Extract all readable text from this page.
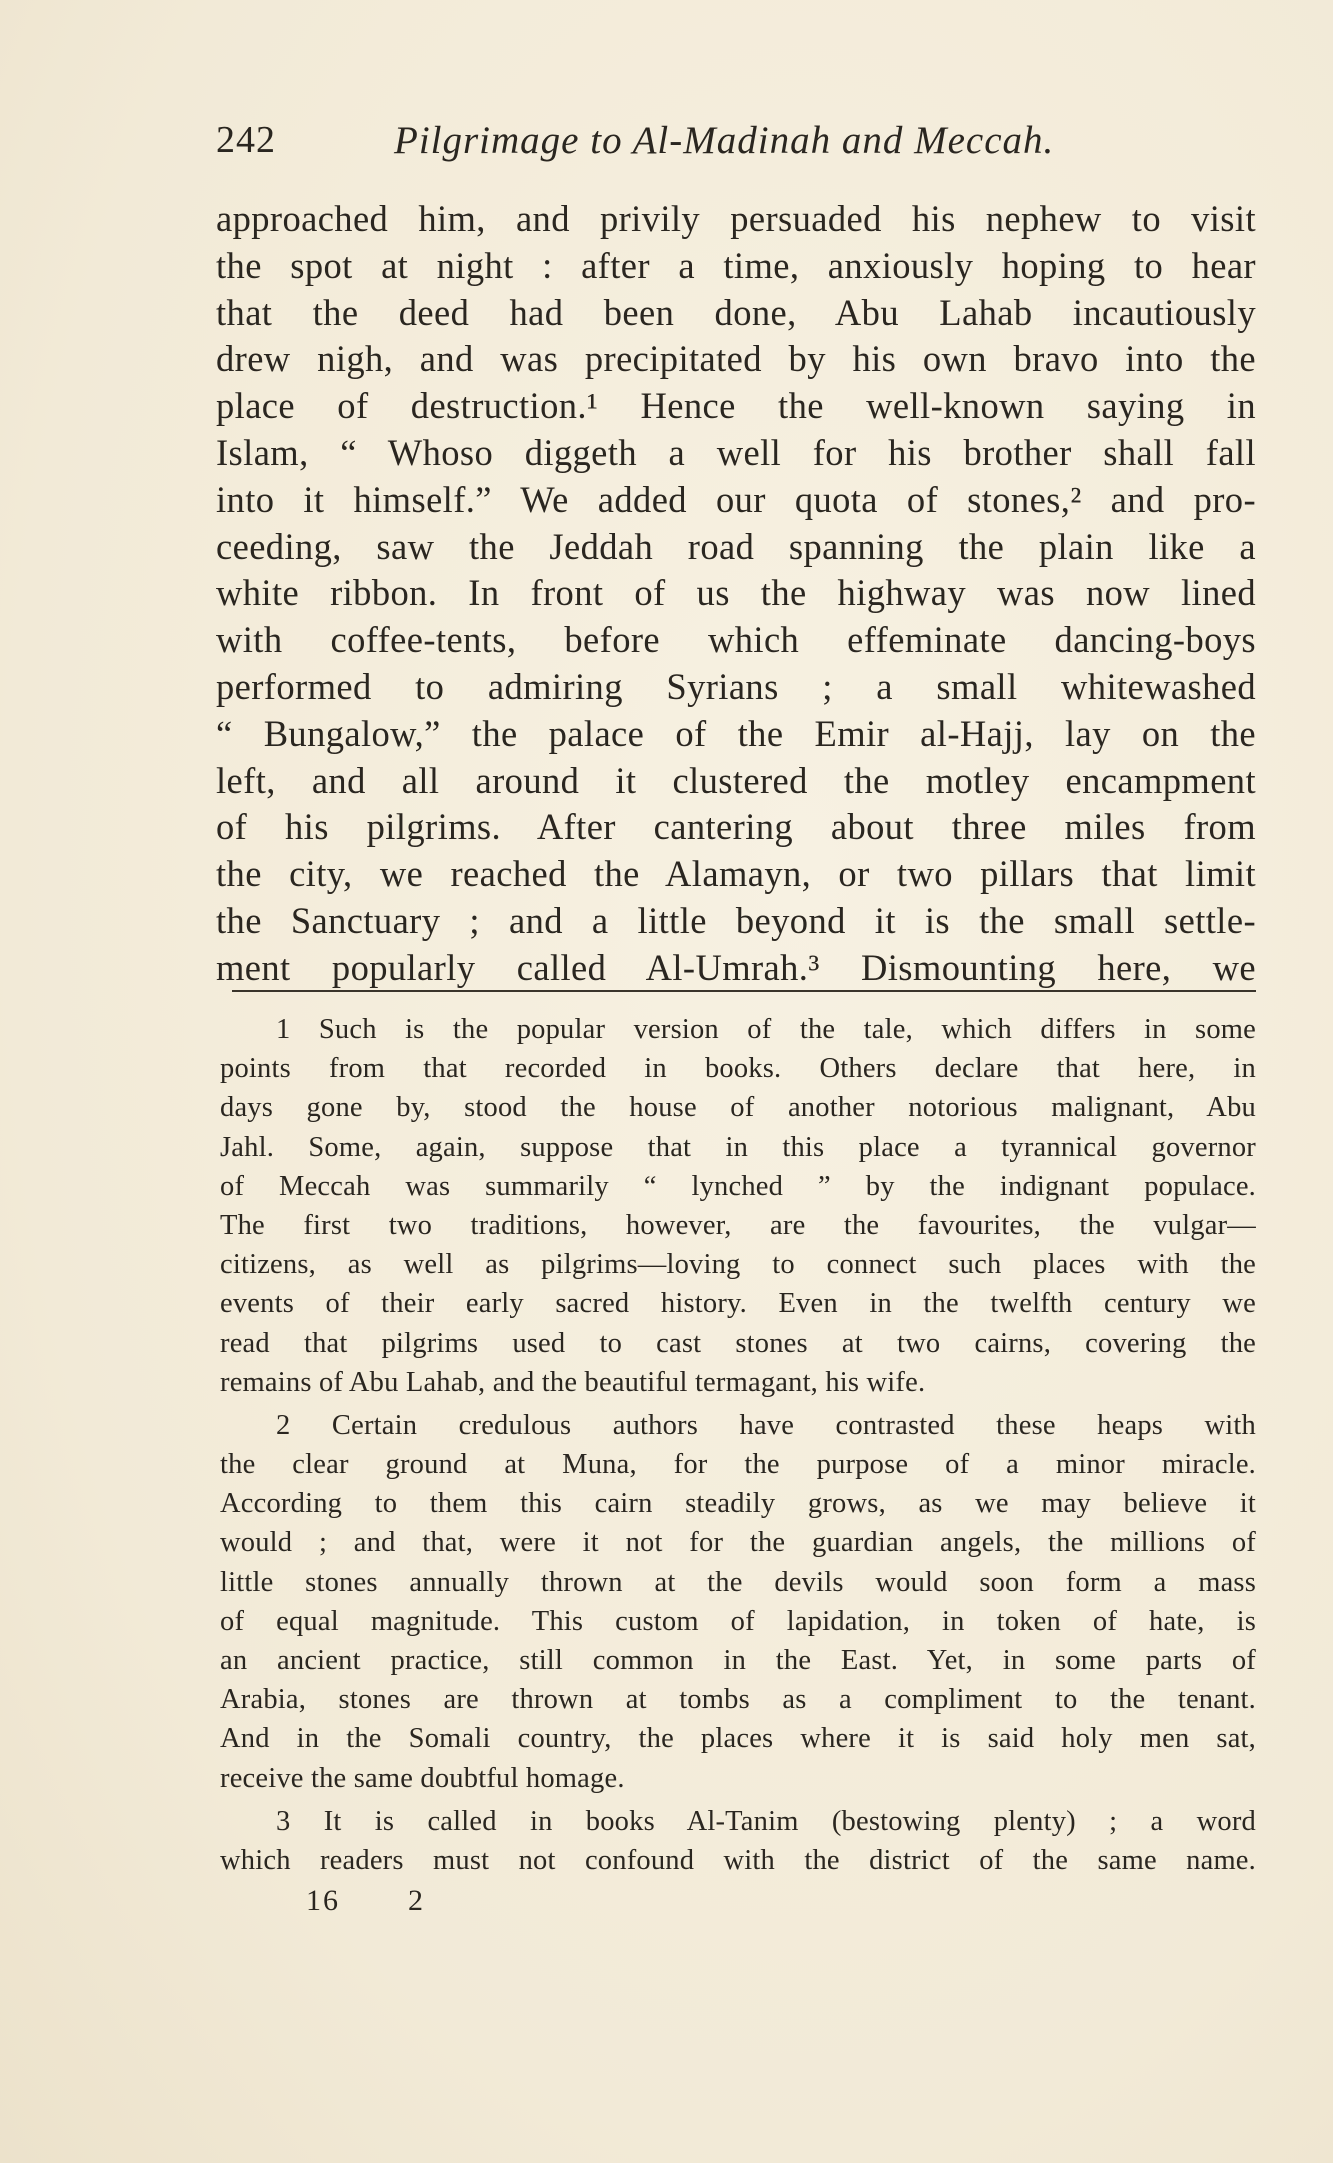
242	Pilgrimage to Al-Madinah and Meccah.
approached him, and privily persuaded his nephew to visit
the spot at night : after a time, anxiously hoping to hear
that the deed had been done, Abu Lahab incautiously
drew nigh, and was precipitated by his own bravo into the
place of destruction.¹ Hence the well-known saying in
Islam, “ Whoso diggeth a well for his brother shall fall
into it himself.” We added our quota of stones,² and pro-
ceeding, saw the Jeddah road spanning the plain like a
white ribbon. In front of us the highway was now lined
with coffee-tents, before which effeminate dancing-boys
performed to admiring Syrians ; a small whitewashed
“ Bungalow,” the palace of the Emir al-Hajj, lay on the
left, and all around it clustered the motley encampment
of his pilgrims. After cantering about three miles from
the city, we reached the Alamayn, or two pillars that limit
the Sanctuary ; and a little beyond it is the small settle-
ment popularly called Al-Umrah.³ Dismounting here, we
1 Such is the popular version of the tale, which differs in some
points from that recorded in books. Others declare that here, in
days gone by, stood the house of another notorious malignant, Abu
Jahl. Some, again, suppose that in this place a tyrannical governor
of Meccah was summarily “ lynched ” by the indignant populace.
The first two traditions, however, are the favourites, the vulgar—
citizens, as well as pilgrims—loving to connect such places with the
events of their early sacred history. Even in the twelfth century we
read that pilgrims used to cast stones at two cairns, covering the
remains of Abu Lahab, and the beautiful termagant, his wife.
2 Certain credulous authors have contrasted these heaps with
the clear ground at Muna, for the purpose of a minor miracle.
According to them this cairn steadily grows, as we may believe it
would ; and that, were it not for the guardian angels, the millions of
little stones annually thrown at the devils would soon form a mass
of equal magnitude. This custom of lapidation, in token of hate, is
an ancient practice, still common in the East. Yet, in some parts of
Arabia, stones are thrown at tombs as a compliment to the tenant.
And in the Somali country, the places where it is said holy men sat,
receive the same doubtful homage.
3 It is called in books Al-Tanim (bestowing plenty) ; a word
which readers must not confound with the district of the same name.
16 2
